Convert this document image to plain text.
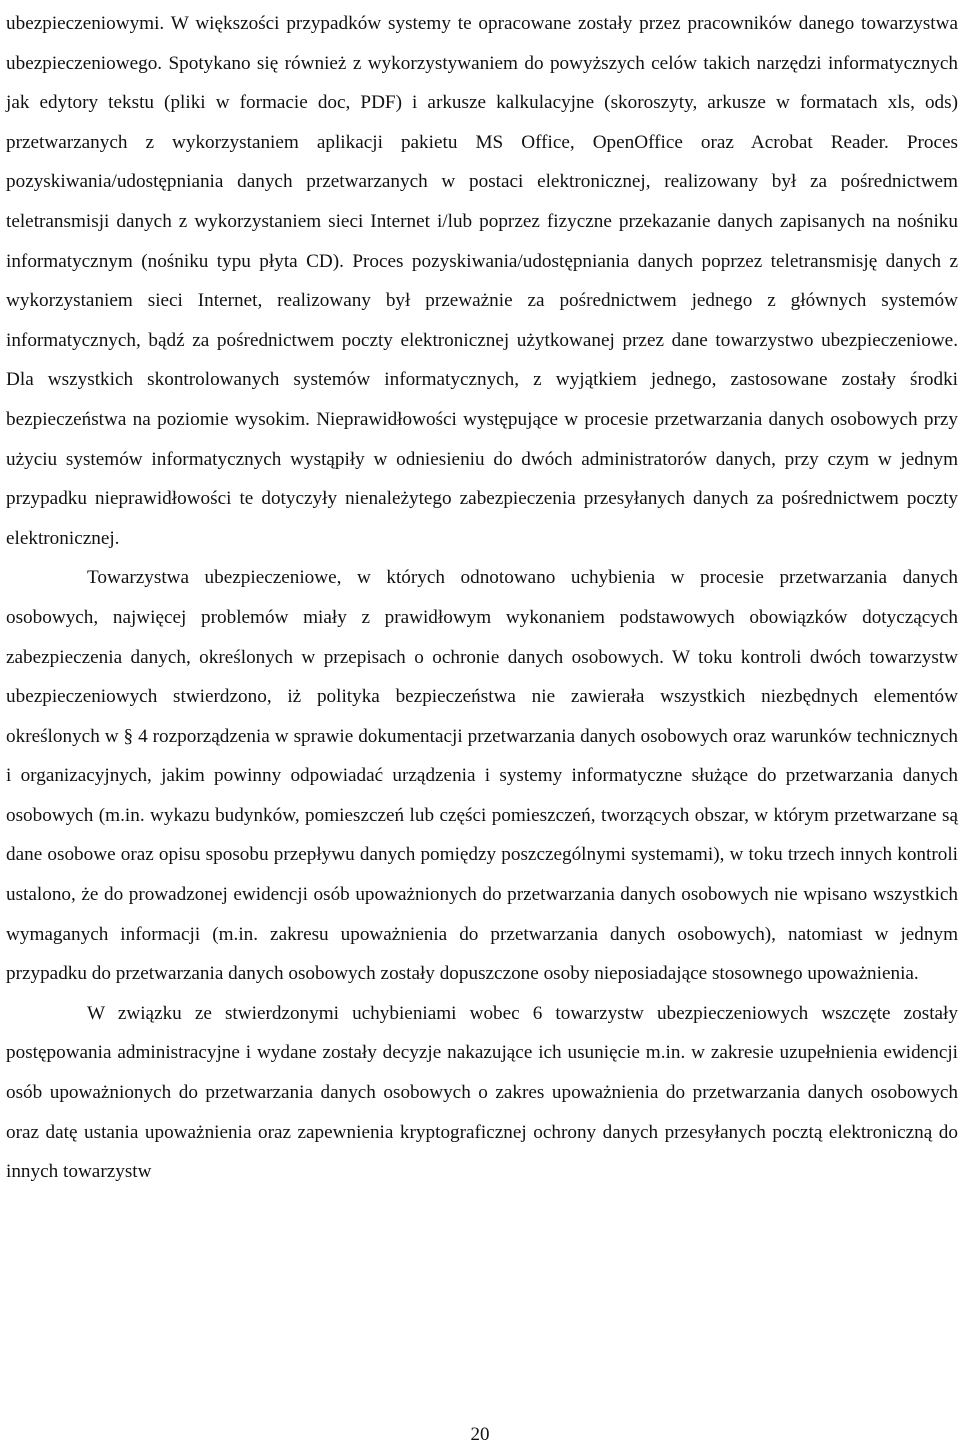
ubezpieczeniowymi. W większości przypadków systemy te opracowane zostały przez pracowników danego towarzystwa ubezpieczeniowego. Spotykano się również z wykorzystywaniem do powyższych celów takich narzędzi informatycznych jak edytory tekstu (pliki w formacie doc, PDF) i arkusze kalkulacyjne (skoroszyty, arkusze w formatach xls, ods) przetwarzanych z wykorzystaniem aplikacji pakietu MS Office, OpenOffice oraz Acrobat Reader. Proces pozyskiwania/udostępniania danych przetwarzanych w postaci elektronicznej, realizowany był za pośrednictwem teletransmisji danych z wykorzystaniem sieci Internet i/lub poprzez fizyczne przekazanie danych zapisanych na nośniku informatycznym (nośniku typu płyta CD). Proces pozyskiwania/udostępniania danych poprzez teletransmisję danych z wykorzystaniem sieci Internet, realizowany był przeważnie za pośrednictwem jednego z głównych systemów informatycznych, bądź za pośrednictwem poczty elektronicznej użytkowanej przez dane towarzystwo ubezpieczeniowe. Dla wszystkich skontrolowanych systemów informatycznych, z wyjątkiem jednego, zastosowane zostały środki bezpieczeństwa na poziomie wysokim. Nieprawidłowości występujące w procesie przetwarzania danych osobowych przy użyciu systemów informatycznych wystąpiły w odniesieniu do dwóch administratorów danych, przy czym w jednym przypadku nieprawidłowości te dotyczyły nienależytego zabezpieczenia przesyłanych danych za pośrednictwem poczty elektronicznej.

Towarzystwa ubezpieczeniowe, w których odnotowano uchybienia w procesie przetwarzania danych osobowych, najwięcej problemów miały z prawidłowym wykonaniem podstawowych obowiązków dotyczących zabezpieczenia danych, określonych w przepisach o ochronie danych osobowych. W toku kontroli dwóch towarzystw ubezpieczeniowych stwierdzono, iż polityka bezpieczeństwa nie zawierała wszystkich niezbędnych elementów określonych w § 4 rozporządzenia w sprawie dokumentacji przetwarzania danych osobowych oraz warunków technicznych i organizacyjnych, jakim powinny odpowiadać urządzenia i systemy informatyczne służące do przetwarzania danych osobowych (m.in. wykazu budynków, pomieszczeń lub części pomieszczeń, tworzących obszar, w którym przetwarzane są dane osobowe oraz opisu sposobu przepływu danych pomiędzy poszczególnymi systemami), w toku trzech innych kontroli ustalono, że do prowadzonej ewidencji osób upoważnionych do przetwarzania danych osobowych nie wpisano wszystkich wymaganych informacji (m.in. zakresu upoważnienia do przetwarzania danych osobowych), natomiast w jednym przypadku do przetwarzania danych osobowych zostały dopuszczone osoby nieposiadające stosownego upoważnienia.

W związku ze stwierdzonymi uchybieniami wobec 6 towarzystw ubezpieczeniowych wszczęte zostały postępowania administracyjne i wydane zostały decyzje nakazujące ich usunięcie m.in. w zakresie uzupełnienia ewidencji osób upoważnionych do przetwarzania danych osobowych o zakres upoważnienia do przetwarzania danych osobowych oraz datę ustania upoważnienia oraz zapewnienia kryptograficznej ochrony danych przesyłanych pocztą elektroniczną do innych towarzystw

20
